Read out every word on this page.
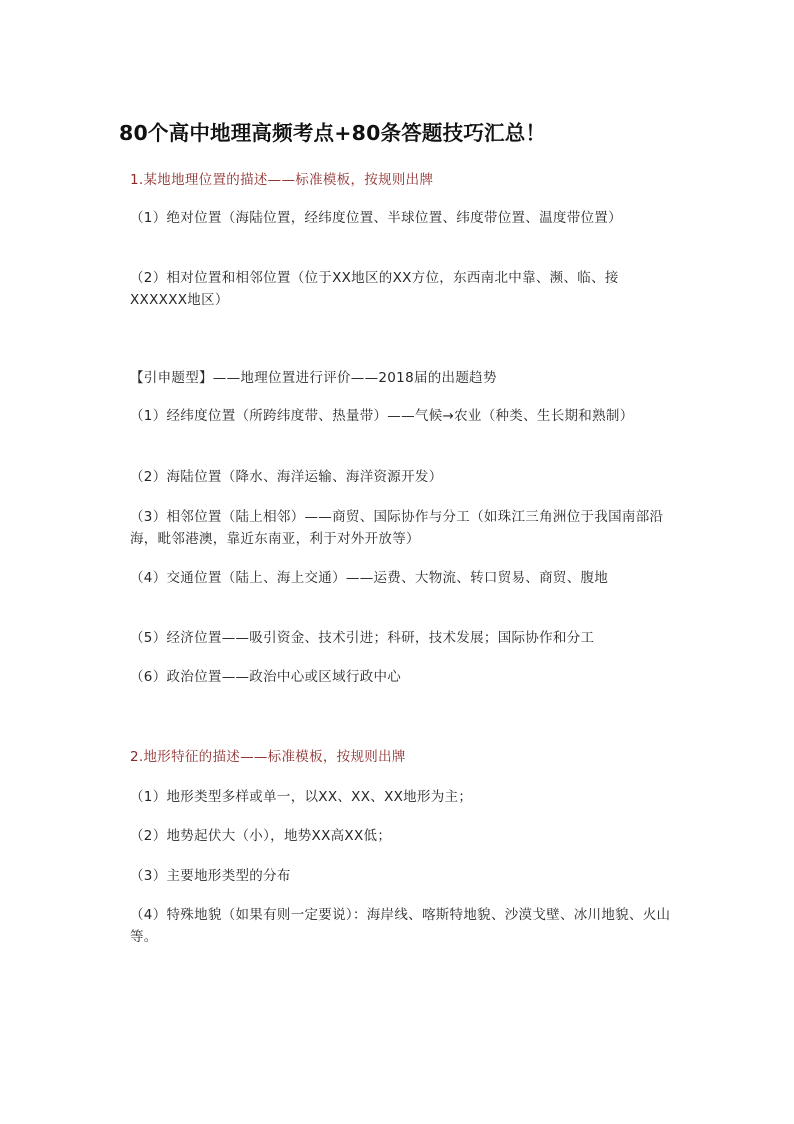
80个高中地理高频考点+80条答题技巧汇总！
1.某地地理位置的描述——标准模板，按规则出牌
（1）绝对位置（海陆位置，经纬度位置、半球位置、纬度带位置、温度带位置）
（2）相对位置和相邻位置（位于XX地区的XX方位，东西南北中靠、濒、临、接XXXXXX地区）
【引申题型】——地理位置进行评价——2018届的出题趋势
（1）经纬度位置（所跨纬度带、热量带）——气候→农业（种类、生长期和熟制）
（2）海陆位置（降水、海洋运输、海洋资源开发）
（3）相邻位置（陆上相邻）——商贸、国际协作与分工（如珠江三角洲位于我国南部沿海，毗邻港澳，靠近东南亚，利于对外开放等）
（4）交通位置（陆上、海上交通）——运费、大物流、转口贸易、商贸、腹地
（5）经济位置——吸引资金、技术引进；科研，技术发展；国际协作和分工
（6）政治位置——政治中心或区域行政中心
2.地形特征的描述——标准模板，按规则出牌
（1）地形类型多样或单一，以XX、XX、XX地形为主；
（2）地势起伏大（小），地势XX高XX低；
（3）主要地形类型的分布
（4）特殊地貌（如果有则一定要说）：海岸线、喀斯特地貌、沙漠戈壁、冰川地貌、火山等。
